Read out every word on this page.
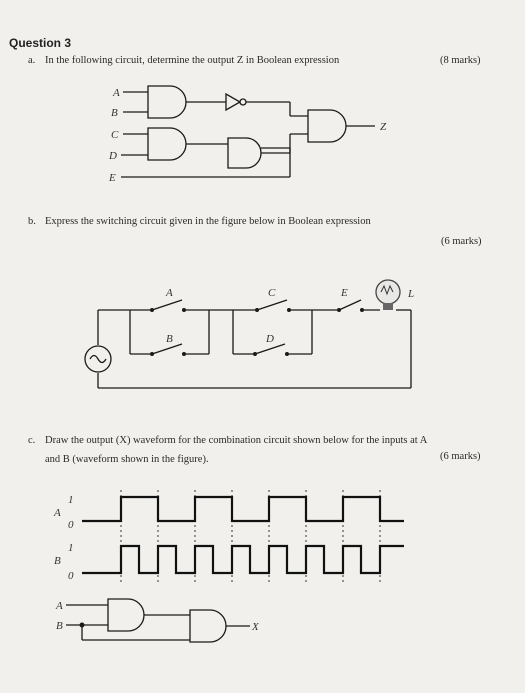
Question 3
a. In the following circuit, determine the output Z in Boolean expression	(8 marks)
b. Express the switching circuit given in the figure below in Boolean expression
(6 marks)
c. Draw the output (X) waveform for the combination circuit shown below for the inputs at A
and B (waveform shown in the figure).	(6 marks)
A
B
C
D
E
Z
A
B
C
D
E	L
A
B
1
0
1
0
A
B	X
